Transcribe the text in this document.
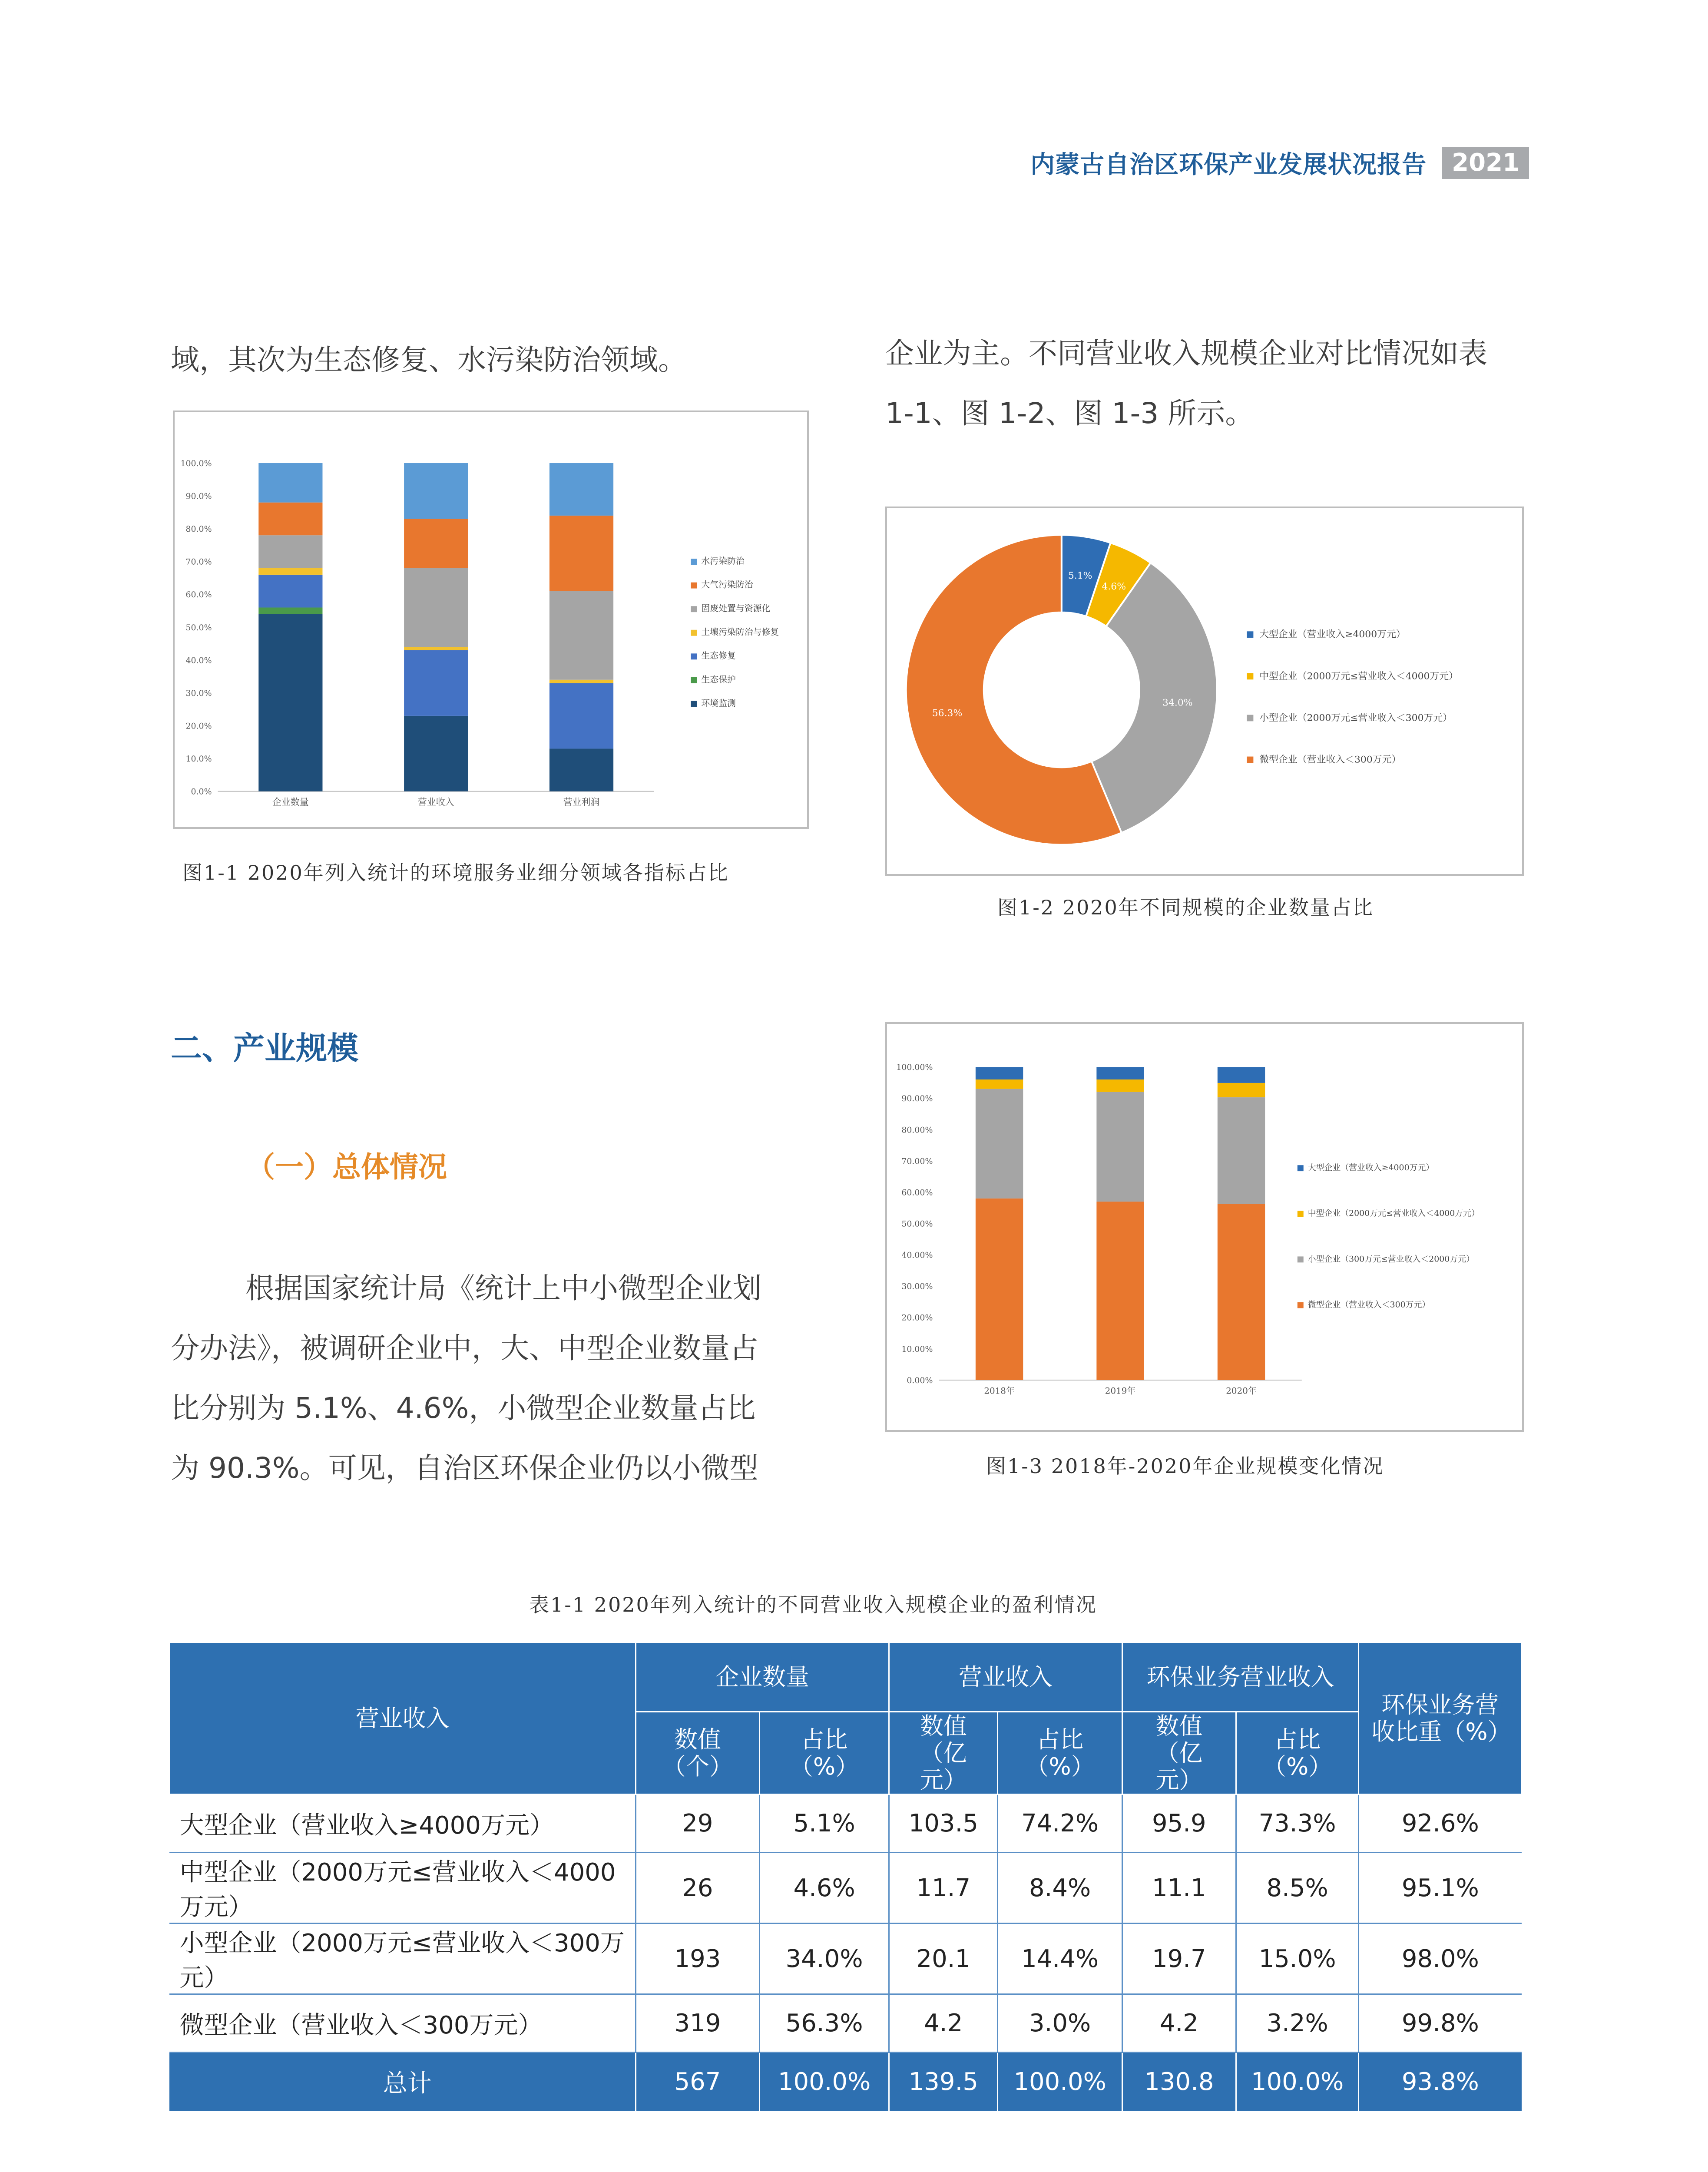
内蒙古自治区环保产业发展状况报告	2021
域，其次为生态修复、水污染防治领域。	企业为主。不同营业收入规模企业对比情况如表
1-1、图 1-2、图 1-3 所示。
0.0%
10.0%
20.0%
30.0%
40.0%
50.0%
60.0%
70.0%
80.0%
90.0%
100.0%
企业数量	营业收入	营业利润
水污染防治
大气污染防治
固废处置与资源化
土壤污染防治与修复
生态修复
生态保护
环境监测
图1-1 2020年列入统计的环境服务业细分领域各指标占比
5.1%
4.6%
34.0%
56.3%
大型企业（营业收入≥4000万元）
中型企业（2000万元≤营业收入＜4000万元）
小型企业（2000万元≤营业收入＜300万元）
微型企业（营业收入＜300万元）
图1-2 2020年不同规模的企业数量占比
二、产业规模
（一）总体情况
根据国家统计局《统计上中小微型企业划
分办法》，被调研企业中，大、中型企业数量占
比分别为 5.1%、4.6%，小微型企业数量占比
为 90.3%。可见，自治区环保企业仍以小微型
0.00%
10.00%
20.00%
30.00%
40.00%
50.00%
60.00%
70.00%
80.00%
90.00%
100.00%
2018年	2019年	2020年
大型企业（营业收入≥4000万元）
中型企业（2000万元≤营业收入＜4000万元）
小型企业（300万元≤营业收入＜2000万元）
微型企业（营业收入＜300万元）
图1-3 2018年-2020年企业规模变化情况
表1-1 2020年列入统计的不同营业收入规模企业的盈利情况
营业收入	企业数量		营业收入		环保业务营业收入		环保业务营收比重（%）
	数值（个）	占比（%）	数值（亿元）	占比（%）	数值（亿元）	占比（%）	
大型企业（营业收入≥4000万元）	29	5.1%	103.5	74.2%	95.9	73.3%	92.6%
中型企业（2000万元≤营业收入＜4000万元）	26	4.6%	11.7	8.4%	11.1	8.5%	95.1%
小型企业（2000万元≤营业收入＜300万元）	193	34.0%	20.1	14.4%	19.7	15.0%	98.0%
微型企业（营业收入＜300万元）	319	56.3%	4.2	3.0%	4.2	3.2%	99.8%
总计	567	100.0%	139.5	100.0%	130.8	100.0%	93.8%
